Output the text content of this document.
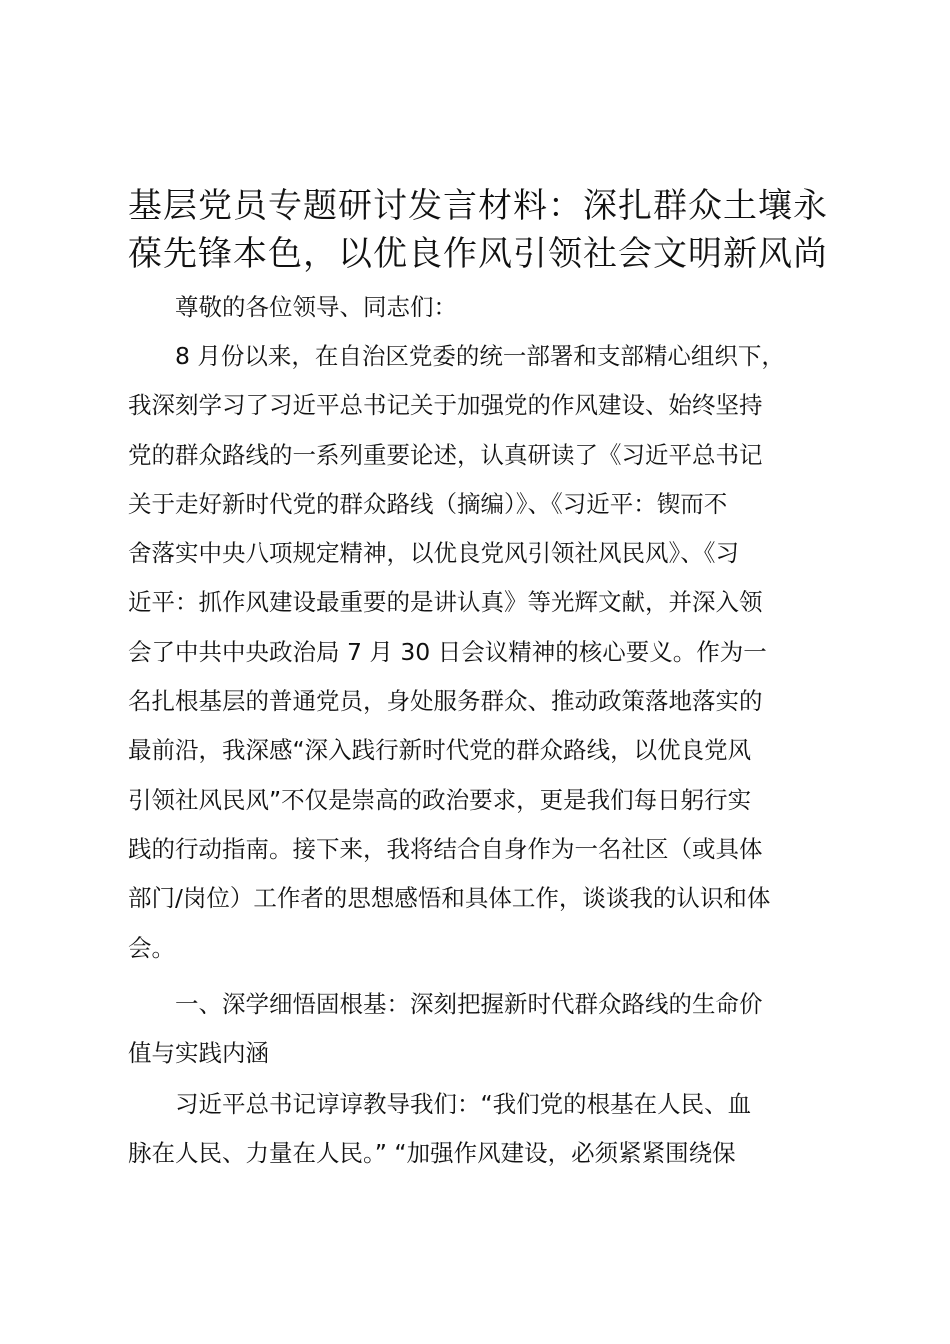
基层党员专题研讨发言材料：深扎群众土壤永
葆先锋本色，以优良作风引领社会文明新风尚

　　尊敬的各位领导、同志们：

　　8 月份以来，在自治区党委的统一部署和支部精心组织下，
我深刻学习了习近平总书记关于加强党的作风建设、始终坚持
党的群众路线的一系列重要论述，认真研读了《习近平总书记
关于走好新时代党的群众路线（摘编）》、《习近平：锲而不
舍落实中央八项规定精神，以优良党风引领社风民风》、《习
近平：抓作风建设最重要的是讲认真》等光辉文献，并深入领
会了中共中央政治局 7 月 30 日会议精神的核心要义。作为一
名扎根基层的普通党员，身处服务群众、推动政策落地落实的
最前沿，我深感“深入践行新时代党的群众路线，以优良党风
引领社风民风”不仅是崇高的政治要求，更是我们每日躬行实
践的行动指南。接下来，我将结合自身作为一名社区（或具体
部门/岗位）工作者的思想感悟和具体工作，谈谈我的认识和体
会。

　　一、深学细悟固根基：深刻把握新时代群众路线的生命价
值与实践内涵

　　习近平总书记谆谆教导我们：“我们党的根基在人民、血
脉在人民、力量在人民。” “加强作风建设，必须紧紧围绕保
